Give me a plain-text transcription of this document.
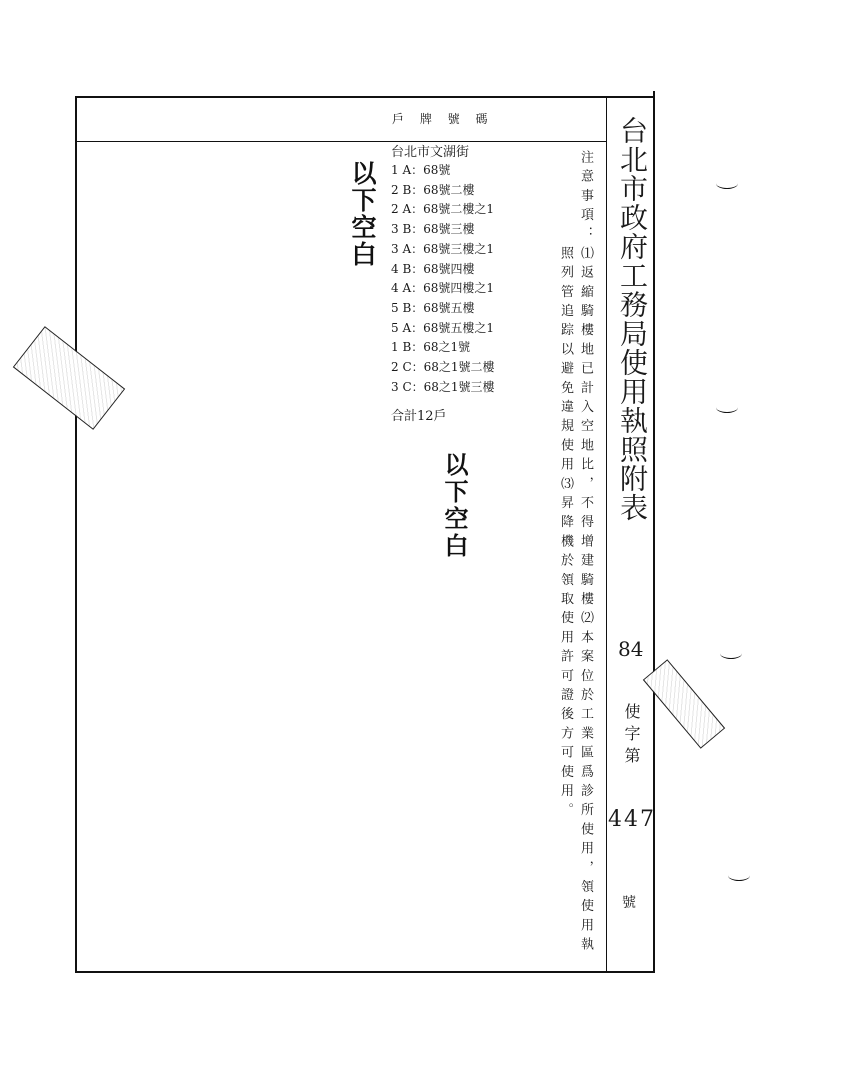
戶 牌 號 碼	台北市政府工務局使用執照附表
84
使字第
447
號
台北市文湖街
1 A：68號
2 B：68號二樓
2 A：68號二樓之1
3 B：68號三樓
3 A：68號三樓之1
4 B：68號四樓
4 A：68號四樓之1
5 B：68號五樓
5 A：68號五樓之1
1 B：68之1號
2 C：68之1號二樓
3 C：68之1號三樓
合計12戶
以下空白
以下空白	注意事項：⑴返縮騎樓地已計入空地比，不得增建騎樓⑵本案位於工業區爲診所使用，領使用執
照列管追踪以避免違規使用⑶昇降機於領取使用許可證後方可使用。
